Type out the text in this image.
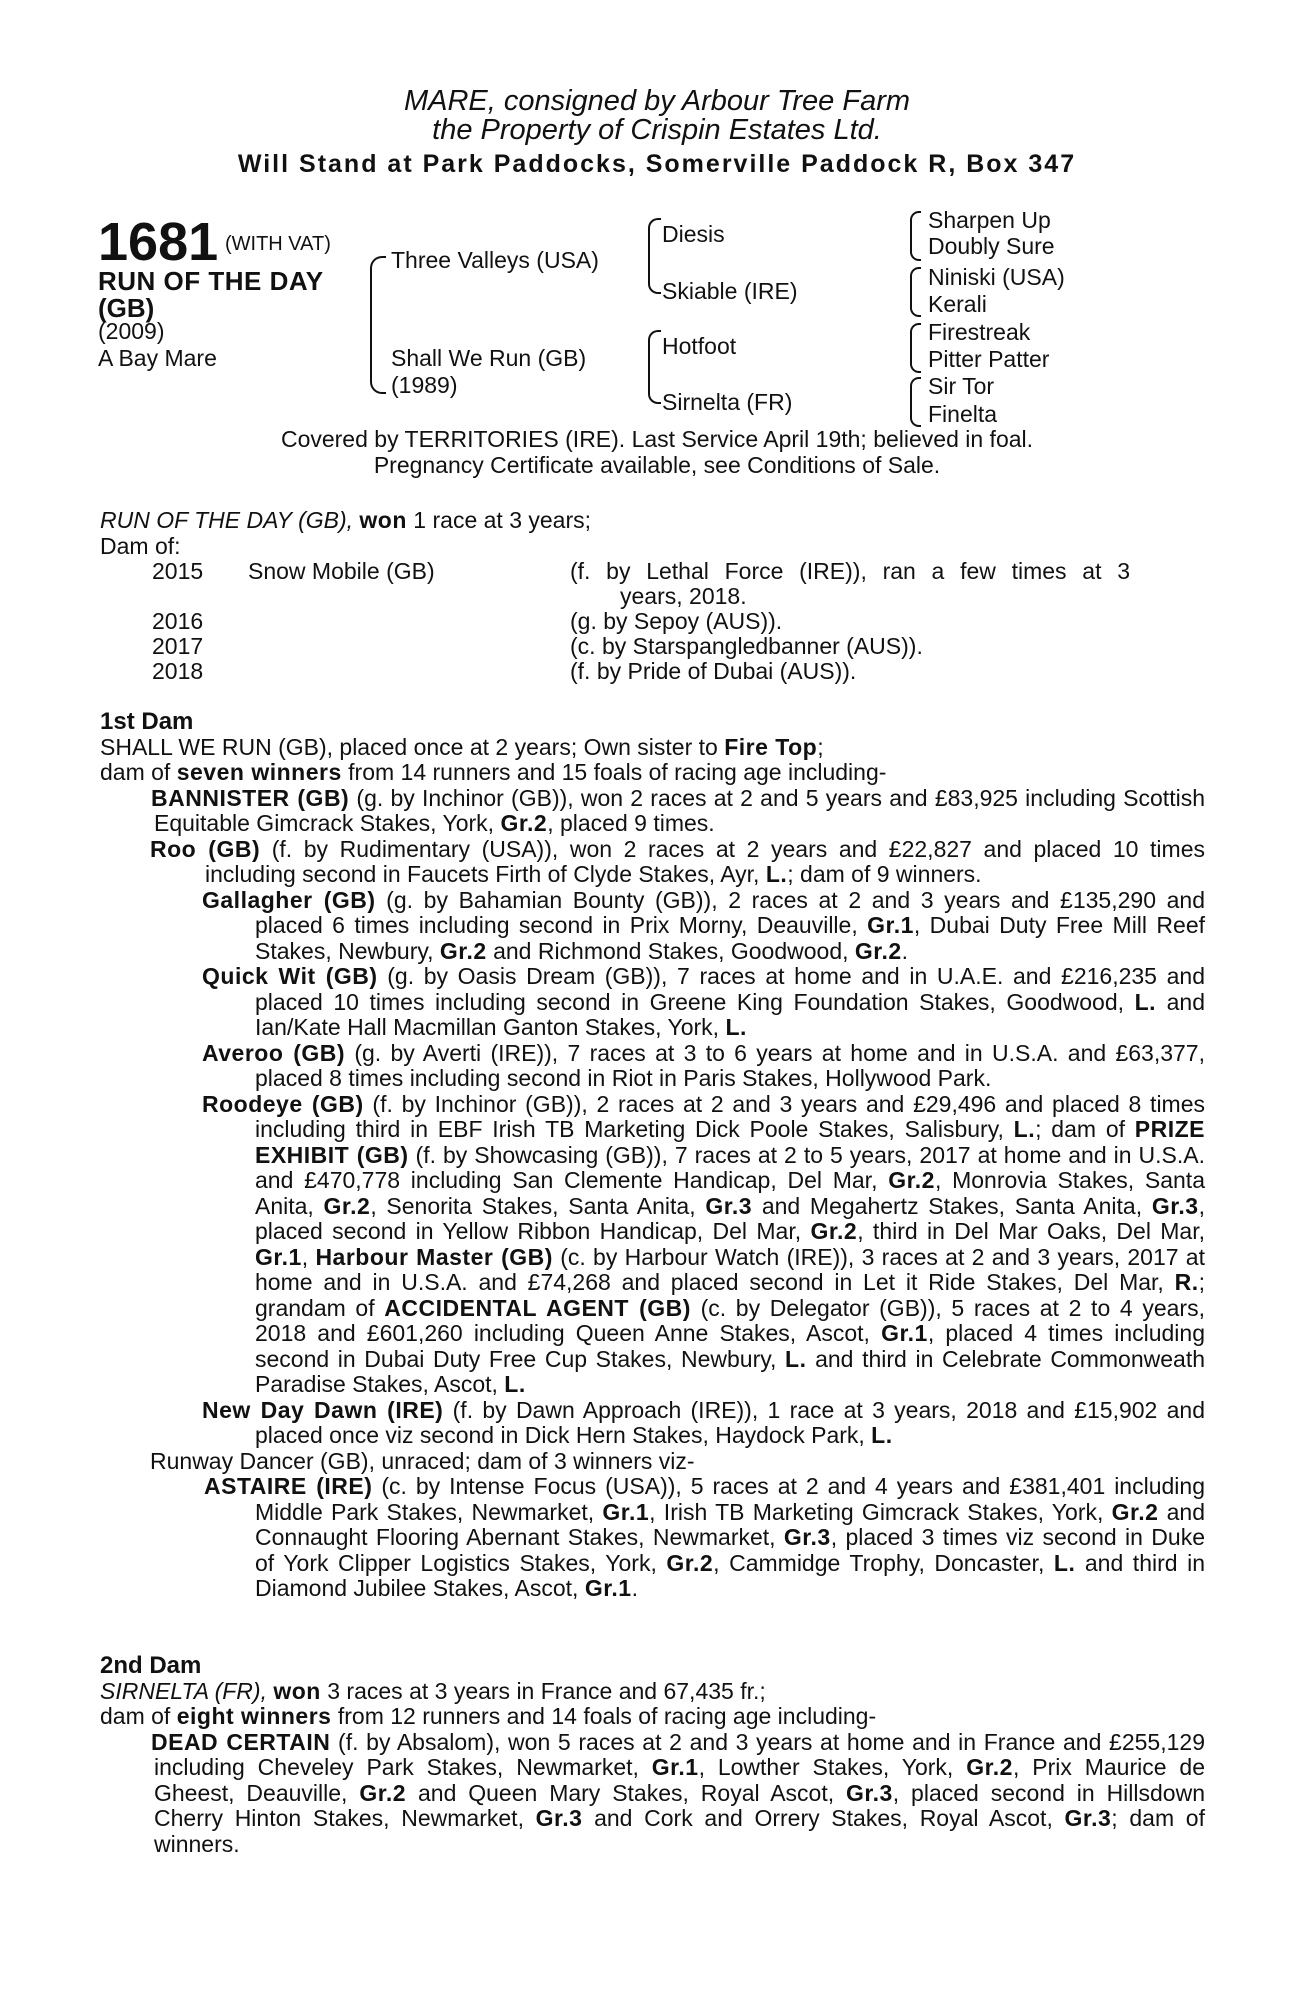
MARE, consigned by Arbour Tree Farm
the Property of Crispin Estates Ltd.
Will Stand at Park Paddocks, Somerville Paddock R, Box 347
1681 (WITH VAT)
RUN OF THE DAY
(GB)
(2009)
A Bay Mare
Three Valleys (USA)
Shall We Run (GB)
(1989)
Diesis
Skiable (IRE)
Hotfoot
Sirnelta (FR)
Sharpen Up
Doubly Sure
Niniski (USA)
Kerali
Firestreak
Pitter Patter
Sir Tor
Finelta
Covered by TERRITORIES (IRE). Last Service April 19th; believed in foal.
Pregnancy Certificate available, see Conditions of Sale.
RUN OF THE DAY (GB), won 1 race at 3 years;
Dam of:
2015 Snow Mobile (GB)	(f. by Lethal Force (IRE)), ran a few times at 3
years, 2018.
2016	(g. by Sepoy (AUS)).
2017	(c. by Starspangledbanner (AUS)).
2018	(f. by Pride of Dubai (AUS)).

1st Dam

SHALL WE RUN (GB), placed once at 2 years; Own sister to Fire Top;

dam of seven winners from 14 runners and 15 foals of racing age including-

BANNISTER (GB) (g. by Inchinor (GB)), won 2 races at 2 and 5 years and £83,925 including Scottish Equitable Gimcrack Stakes, York, Gr.2, placed 9 times.

Roo (GB) (f. by Rudimentary (USA)), won 2 races at 2 years and £22,827 and placed 10 times including second in Faucets Firth of Clyde Stakes, Ayr, L.; dam of 9 winners.

Gallagher (GB) (g. by Bahamian Bounty (GB)), 2 races at 2 and 3 years and £135,290 and placed 6 times including second in Prix Morny, Deauville, Gr.1, Dubai Duty Free Mill Reef Stakes, Newbury, Gr.2 and Richmond Stakes, Goodwood, Gr.2.

Quick Wit (GB) (g. by Oasis Dream (GB)), 7 races at home and in U.A.E. and £216,235 and placed 10 times including second in Greene King Foundation Stakes, Goodwood, L. and Ian/Kate Hall Macmillan Ganton Stakes, York, L.

Averoo (GB) (g. by Averti (IRE)), 7 races at 3 to 6 years at home and in U.S.A. and £63,377, placed 8 times including second in Riot in Paris Stakes, Hollywood Park.

Roodeye (GB) (f. by Inchinor (GB)), 2 races at 2 and 3 years and £29,496 and placed 8 times including third in EBF Irish TB Marketing Dick Poole Stakes, Salisbury, L.; dam of PRIZE EXHIBIT (GB) (f. by Showcasing (GB)), 7 races at 2 to 5 years, 2017 at home and in U.S.A. and £470,778 including San Clemente Handicap, Del Mar, Gr.2, Monrovia Stakes, Santa Anita, Gr.2, Senorita Stakes, Santa Anita, Gr.3 and Megahertz Stakes, Santa Anita, Gr.3, placed second in Yellow Ribbon Handicap, Del Mar, Gr.2, third in Del Mar Oaks, Del Mar, Gr.1, Harbour Master (GB) (c. by Harbour Watch (IRE)), 3 races at 2 and 3 years, 2017 at home and in U.S.A. and £74,268 and placed second in Let it Ride Stakes, Del Mar, R.; grandam of ACCIDENTAL AGENT (GB) (c. by Delegator (GB)), 5 races at 2 to 4 years, 2018 and £601,260 including Queen Anne Stakes, Ascot, Gr.1, placed 4 times including second in Dubai Duty Free Cup Stakes, Newbury, L. and third in Celebrate Commonweath Paradise Stakes, Ascot, L.

New Day Dawn (IRE) (f. by Dawn Approach (IRE)), 1 race at 3 years, 2018 and £15,902 and placed once viz second in Dick Hern Stakes, Haydock Park, L.

Runway Dancer (GB), unraced; dam of 3 winners viz-

ASTAIRE (IRE) (c. by Intense Focus (USA)), 5 races at 2 and 4 years and £381,401 including Middle Park Stakes, Newmarket, Gr.1, Irish TB Marketing Gimcrack Stakes, York, Gr.2 and Connaught Flooring Abernant Stakes, Newmarket, Gr.3, placed 3 times viz second in Duke of York Clipper Logistics Stakes, York, Gr.2, Cammidge Trophy, Doncaster, L. and third in Diamond Jubilee Stakes, Ascot, Gr.1.

2nd Dam

SIRNELTA (FR), won 3 races at 3 years in France and 67,435 fr.;

dam of eight winners from 12 runners and 14 foals of racing age including-

DEAD CERTAIN (f. by Absalom), won 5 races at 2 and 3 years at home and in France and £255,129 including Cheveley Park Stakes, Newmarket, Gr.1, Lowther Stakes, York, Gr.2, Prix Maurice de Gheest, Deauville, Gr.2 and Queen Mary Stakes, Royal Ascot, Gr.3, placed second in Hillsdown Cherry Hinton Stakes, Newmarket, Gr.3 and Cork and Orrery Stakes, Royal Ascot, Gr.3; dam of winners.
